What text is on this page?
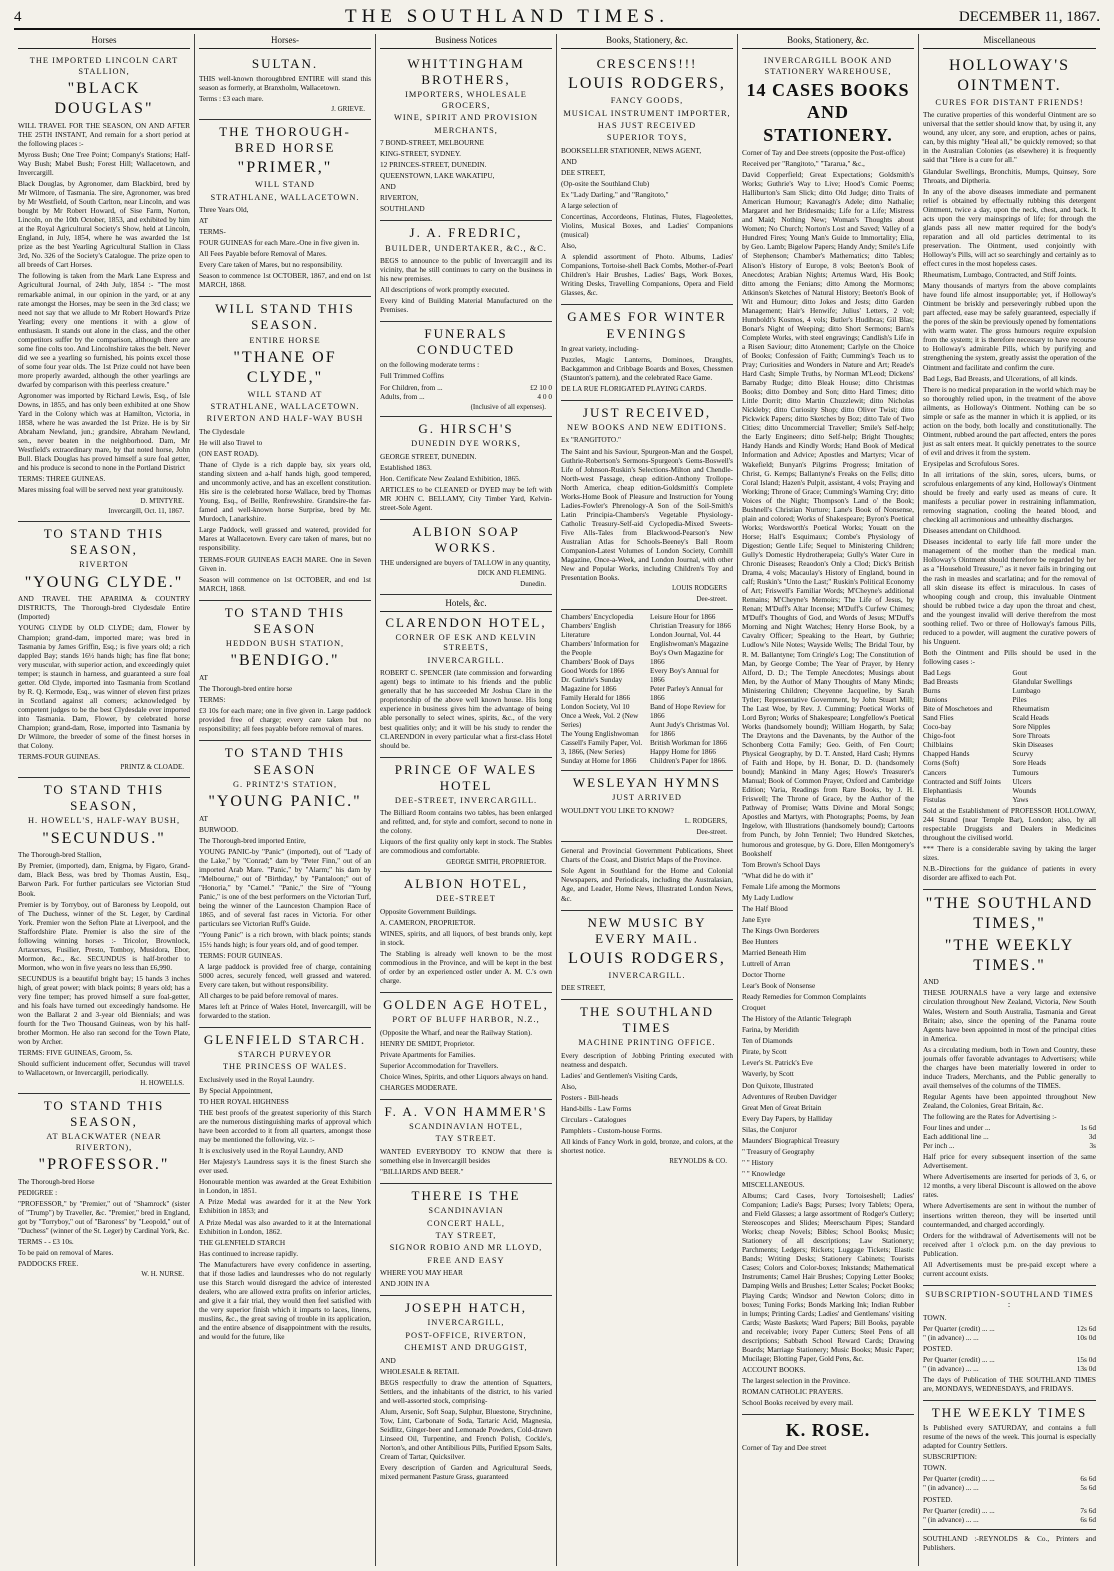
4	THE SOUTHLAND TIMES.	DECEMBER 11, 1867.
Horses
THE IMPORTED LINCOLN CART STALLION,
"BLACK DOUGLAS"

WILL TRAVEL FOR THE SEASON, ON AND AFTER THE 25TH INSTANT, And remain for a short period at the following places :-

Myross Bush; One Tree Point; Company's Stations; Half-Way Bush; Mabel Bush; Forest Hill; Wallacetown, and Invercargill.

Black Douglas, by Agronomer, dam Blackbird, bred by Mr Wilmore, of Tasmania. The sire, Agronomer, was bred by Mr Westfield, of South Carlton, near Lincoln, and was bought by Mr Robert Howard, of Sise Farm, Norton, Lincoln, on the 10th October, 1853, and exhibited by him at the Royal Agricultural Society's Show, held at Lincoln, England, in July, 1854, where he was awarded the 1st prize as the best Yearling Agricultural Stallion in Class 3rd, No. 326 of the Society's Catalogue. The prize open to all breeds of Cart Horses.

The following is taken from the Mark Lane Express and Agricultural Journal, of 24th July, 1854 :- "The most remarkable animal, in our opinion in the yard, or at any rate amongst the Horses, may be seen in the 3rd class; we need not say that we allude to Mr Robert Howard's Prize Yearling; every one mentions it with a glow of enthusiasm. It stands out alone in the class, and the other competitors suffer by the comparison, although there are some fine colts too. And Lincolnshire takes the belt. Never did we see a yearling so furnished, his points excel those of some four year olds. The 1st Prize could not have been more properly awarded, although the other yearlings are dwarfed by comparison with this peerless creature."

Agronomer was imported by Richard Lewis, Esq., of Isle Downs, in 1855, and has only been exhibited at one Show Yard in the Colony which was at Hamilton, Victoria, in 1858, where he was awarded the 1st Prize. He is by Sir Abraham Newland, jun.; grandsire, Abraham Newland, sen., never beaten in the neighborhood. Dam, Mr Westfield's extraordinary mare, by that noted horse, John Bull. Black Douglas has proved himself a sure foal getter, and his produce is second to none in the Portland District

TERMS: THREE GUINEAS.

Mares missing foal will be served next year gratuitously.

D. M'INTYRE.
Invercargill, Oct. 11, 1867.
TO STAND THIS SEASON,
RIVERTON
"YOUNG CLYDE."

AND TRAVEL THE APARIMA & COUNTRY DISTRICTS, The Thorough-bred Clydesdale Entire (Imported)

YOUNG CLYDE by OLD CLYDE; dam, Flower by Champion; grand-dam, imported mare; was bred in Tasmania by James Griffin, Esq.; is five years old; a rich dappled Bay; stands 16½ hands high; has fine flat bone; very muscular, with superior action, and exceedingly quiet temper; is staunch in harness, and guaranteed a sure foal getter. Old Clyde, imported into Tasmania from Scotland by R. Q. Kermode, Esq., was winner of eleven first prizes in Scotland against all comers; acknowledged by competent judges to be the best Clydesdale ever imported into Tasmania. Dam, Flower, by celebrated horse Champion; grand-dam, Rose, imported into Tasmania by Dr Wilmore, the breeder of some of the finest horses in that Colony.

TERMS-FOUR GUINEAS.

PRINTZ & CLOADE.
TO STAND THIS SEASON,
H. HOWELL'S, HALF-WAY BUSH,
"SECUNDUS."

The Thorough-bred Stallion,

By Premier, (imported), dam, Enigma, by Figaro, Grand-dam, Black Bess, was bred by Thomas Austin, Esq., Barwon Park. For further particulars see Victorian Stud Book.

Premier is by Torryboy, out of Baroness by Leopold, out of The Duchess, winner of the St. Leger, by Cardinal York. Premier won the Sefton Plate at Liverpool, and the Staffordshire Plate. Premier is also the sire of the following winning horses :- Tricolor, Brownlock, Artaxerxes, Fusilier, Presto, Tomboy, Musidora, Ebor, Mormon, &c., &c. SECUNDUS is half-brother to Mormon, who won in five years no less than £6,990.

SECUNDUS is a beautiful bright bay; 15 hands 3 inches high, of great power; with black points; 8 years old; has a very fine temper; has proved himself a sure foal-getter, and his foals have turned out exceedingly handsome. He won the Ballarat 2 and 3-year old Biennials; and was fourth for the Two Thousand Guineas, won by his half-brother Mormon. He also ran second for the Town Plate, won by Archer.

TERMS: FIVE GUINEAS, Groom, 5s.

Should sufficient inducement offer, Secundus will travel to Wallacetown, or Invercargill, periodically.

H. HOWELLS.
TO STAND THIS SEASON,
AT BLACKWATER (NEAR RIVERTON),
"PROFESSOR."

The Thorough-bred Horse

PEDIGREE :

"PROFESSOR," by "Premier," out of "Shamrock" (sister of "Trump") by Traveller, &c. "Premier," bred in England, got by "Torryboy," out of "Baroness" by "Leopold," out of "Duchess" (winner of the St. Leger) by Cardinal York, &c.

TERMS - - £3 10s.

To be paid on removal of Mares.

PADDOCKS FREE.

W. H. NURSE.
Horses-
SULTAN.

THIS well-known thoroughbred ENTIRE will stand this season as formerly, at Branxholm, Wallacetown.

Terms : £3 each mare.

J. GRIEVE.
THE THOROUGH-BRED HORSE
"PRIMER,"
WILL STAND
STRATHLANE, WALLACETOWN.

Three Years Old,

AT

TERMS-

FOUR GUINEAS for each Mare.-One in five given in.

All Fees Payable before Removal of Mares.

Every Care taken of Mares, but no responsibility.

Season to commence 1st OCTOBER, 1867, and end on 1st MARCH, 1868.

WILL STAND THIS SEASON.
ENTIRE HORSE
"THANE OF CLYDE,"
WILL STAND AT
STRATHLANE, WALLACETOWN.
RIVERTON AND HALF-WAY BUSH

The Clydesdale

He will also Travel to

(ON EAST ROAD).

Thane of Clyde is a rich dapple bay, six years old, standing sixteen and a-half hands high, good tempered, and uncommonly active, and has an excellent constitution. His sire is the celebrated horse Wallace, bred by Thomas Young, Esq., of Beille, Renfrewshire. Grandsire-the far-famed and well-known horse Surprise, bred by Mr. Murdoch, Lanarkshire.

Large Paddock, well grassed and watered, provided for Mares at Wallacetown. Every care taken of mares, but no responsibility.

TERMS-FOUR GUINEAS EACH MARE. One in Seven Given in.

Season will commence on 1st OCTOBER, and end 1st MARCH, 1868.

TO STAND THIS SEASON
HEDDON BUSH STATION,
"BENDIGO."

AT

The Thorough-bred entire horse

TERMS:

£3 10s for each mare; one in five given in. Large paddock provided free of charge; every care taken but no responsibility; all fees payable before removal of mares.

TO STAND THIS SEASON
G. PRINTZ'S STATION,
"YOUNG PANIC."

AT

BURWOOD.

The Thorough-bred imported Entire,

YOUNG PANIC-by "Panic" (imported), out of "Lady of the Lake," by "Conrad;" dam by "Peter Finn," out of an imported Arab Mare. "Panic," by "Alarm;" his dam by "Melbourne," out of "Birthday," by "Pantaloon;" out of "Honoria," by "Camel." "Panic," the Sire of "Young Panic," is one of the best performers on the Victorian Turf, being the winner of the Launceston Champion Race of 1865, and of several fast races in Victoria. For other particulars see Victorian Ruff's Guide.

"Young Panic" is a rich brown, with black points; stands 15½ hands high; is four years old, and of good temper.

TERMS: FOUR GUINEAS.

A large paddock is provided free of charge, containing 5000 acres, securely fenced, well grassed and watered. Every care taken, but without responsibility.

All charges to be paid before removal of mares.

Mares left at Prince of Wales Hotel, Invercargill, will be forwarded to the station.

GLENFIELD STARCH.
STARCH PURVEYOR
THE PRINCESS OF WALES.

Exclusively used in the Royal Laundry.

By Special Appointment,

TO HER ROYAL HIGHNESS

THE best proofs of the greatest superiority of this Starch are the numerous distinguishing marks of approval which have been accorded to it from all quarters, amongst those may be mentioned the following, viz. :-

It is exclusively used in the Royal Laundry, AND

Her Majesty's Laundress says it is the finest Starch she ever used.

Honourable mention was awarded at the Great Exhibition in London, in 1851.

A Prize Medal was awarded for it at the New York Exhibition in 1853; and

A Prize Medal was also awarded to it at the International Exhibition in London, 1862.

THE GLENFIELD STARCH

Has continued to increase rapidly.

The Manufacturers have every confidence in asserting, that if those ladies and laundresses who do not regularly use this Starch would disregard the advice of interested dealers, who are allowed extra profits on inferior articles, and give it a fair trial, they would then feel satisfied with the very superior finish which it imparts to laces, linens, muslins, &c., the great saving of trouble in its application, and the entire absence of disappointment with the results, and would for the future, like

Business Notices
WHITTINGHAM BROTHERS,
IMPORTERS, WHOLESALE GROCERS,
WINE, SPIRIT AND PROVISION
MERCHANTS,

7 BOND-STREET, MELBOURNE

KING-STREET, SYDNEY.

12 PRINCES-STREET, DUNEDIN.

QUEENSTOWN, LAKE WAKATIPU,

AND

RIVERTON,

SOUTHLAND

J. A. FREDRIC,
BUILDER, UNDERTAKER, &C., &C.

BEGS to announce to the public of Invercargill and its vicinity, that he still continues to carry on the business in his new premises.

All descriptions of work promptly executed.

Every kind of Building Material Manufactured on the Premises.

FUNERALS CONDUCTED

on the following moderate terms :

Full Trimmed Coffins

For Children, from ...	£2 10 0
Adults, from ...	4 0 0
(Inclusive of all expenses).
G. HIRSCH'S
DUNEDIN DYE WORKS,

GEORGE STREET, DUNEDIN.

Established 1863.

Hon. Certificate New Zealand Exhibition, 1865.

ARTICLES to be CLEANED or DYED may be left with MR JOHN C. BELLAMY, City Timber Yard, Kelvin-street-Sole Agent.

ALBION SOAP WORKS.

THE undersigned are buyers of TALLOW in any quantity,

DICK AND FLEMING.
Dunedin.
Hotels, &c.
CLARENDON HOTEL,
CORNER OF ESK AND KELVIN STREETS,
INVERCARGILL.

ROBERT C. SPENCER (late commission and forwarding agent) begs to intimate to his friends and the public generally that he has succeeded Mr Joshua Clare in the proprietorship of the above well known house. His long experience in business gives him the advantage of being able personally to select wines, spirits, &c., of the very best qualities only; and it will be his study to render the CLARENDON in every particular what a first-class Hotel should be.

PRINCE OF WALES HOTEL
DEE-STREET, INVERCARGILL.

The Billiard Room contains two tables, has been enlarged and refitted, and, for style and comfort, second to none in the colony.

Liquors of the first quality only kept in stock. The Stables are commodious and comfortable.

GEORGE SMITH, PROPRIETOR.
ALBION HOTEL,
DEE-STREET

Opposite Government Buildings.

A. CAMERON, PROPRIETOR.

WINES, spirits, and all liquors, of best brands only, kept in stock.

The Stabling is already well known to be the most commodious in the Province, and will be kept in the best of order by an experienced ostler under A. M. C.'s own charge.

GOLDEN AGE HOTEL,
PORT OF BLUFF HARBOR, N.Z.,

(Opposite the Wharf, and near the Railway Station).

HENRY DE SMIDT, Proprietor.

Private Apartments for Families.

Superior Accommodation for Travellers.

Choice Wines, Spirits, and other Liquors always on hand.

CHARGES MODERATE.

F. A. VON HAMMER'S
SCANDINAVIAN HOTEL,
TAY STREET.

WANTED EVERYBODY TO KNOW that there is something else in Invercargill besides

"BILLIARDS AND BEER."

THERE IS THE
SCANDINAVIAN
CONCERT HALL,
TAY STREET,
SIGNOR ROBIO AND MR LLOYD,
FREE AND EASY

WHERE YOU MAY HEAR

AND JOIN IN A

JOSEPH HATCH,
INVERCARGILL,
POST-OFFICE, RIVERTON,
CHEMIST AND DRUGGIST,

AND

WHOLESALE & RETAIL

BEGS respectfully to draw the attention of Squatters, Settlers, and the inhabitants of the district, to his varied and well-assorted stock, comprising-

Alum, Arsenic, Soft Soap, Sulphur, Bluestone, Strychnine, Tow, Lint, Carbonate of Soda, Tartaric Acid, Magnesia, Seidlitz, Ginger-beer and Lemonade Powders, Cold-drawn Linseed Oil, Turpentine, and French Polish, Cockle's, Norton's, and other Antibilious Pills, Purified Epsom Salts, Cream of Tartar, Quicksilver.

Every description of Garden and Agricultural Seeds, mixed permanent Pasture Grass, guaranteed

Books, Stationery, &c.
CRESCENS!!!
LOUIS RODGERS,
FANCY GOODS,
MUSICAL INSTRUMENT IMPORTER,
HAS JUST RECEIVED
SUPERIOR TOYS,

BOOKSELLER STATIONER, NEWS AGENT,

AND

DEE STREET,

(Op-osite the Southland Club)

Ex "Lady Darling," and "Rangitoto,"

A large selection of

Concertinas, Accordeons, Flutinas, Flutes, Flageolettes, Violins, Musical Boxes, and Ladies' Companions (musical)

Also,

A splendid assortment of Photo. Albums, Ladies' Companions, Tortoise-shell Back Combs, Mother-of-Pearl Children's Hair Brushes, Ladies' Bags, Work Boxes, Writing Desks, Travelling Companions, Opera and Field Glasses, &c.

GAMES FOR WINTER EVENINGS

In great variety, including-

Puzzles, Magic Lanterns, Dominoes, Draughts, Backgammon and Cribbage Boards and Boxes, Chessmen (Staunton's pattern), and the celebrated Race Game.

DE LA RUE FLORIGATED PLAYING CARDS.

JUST RECEIVED,
NEW BOOKS AND NEW EDITIONS.

Ex "RANGITOTO."

The Saint and his Saviour, Spurgeon-Man and the Gospel, Guthrie-Robertson's Sermons-Spurgeon's Gems-Boswell's Life of Johnson-Ruskin's Selections-Milton and Chendle-North-west Passage, cheap edition-Anthony Trollope-North America, cheap edition-Goldsmith's Complete Works-Home Book of Pleasure and Instruction for Young Ladies-Fowler's Phrenology-A Son of the Soil-Smith's Latin Principia-Chambers's Vegetable Physiology-Catholic Treasury-Self-aid Cyclopedia-Mixed Sweets-Five Alls-Tales from Blackwood-Pearson's New Australian Atlas for Schools-Beeney's Ball Room Companion-Latest Volumes of London Society, Cornhill Magazine, Once-a-Week, and London Journal, with other New and Popular Works, including Children's Toy and Presentation Books.

LOUIS RODGERS
Dee-street.
Chambers' Encyclopedia
Chambers' English Literature
Chambers' Information for the People
Chambers' Book of Days
Good Words for 1866
Dr. Guthrie's Sunday Magazine for 1866
Family Herald for 1866
London Society, Vol 10
Once a Week, Vol. 2 (New Series)
The Young Englishwoman
Cassell's Family Paper, Vol. 3, 1866, (New Series)
Sunday at Home for 1866
Leisure Hour for 1866
Christian Treasury for 1866
London Journal, Vol. 44
Englishwoman's Magazine
Boy's Own Magazine for 1866
Every Boy's Annual for 1866
Peter Parley's Annual for 1866
Band of Hope Review for 1866
Aunt Judy's Christmas Vol. for 1866
British Workman for 1866
Happy Home for 1866
Children's Paper for 1866.
WESLEYAN HYMNS
JUST ARRIVED

WOULDN'T YOU LIKE TO KNOW?

L. RODGERS,
Dee-street.

General and Provincial Government Publications, Sheet Charts of the Coast, and District Maps of the Province.

Sole Agent in Southland for the Home and Colonial Newspapers, and Periodicals, including the Australasian, Age, and Leader, Home News, Illustrated London News, &c.

NEW MUSIC BY EVERY MAIL.
LOUIS RODGERS,
INVERCARGILL.

DEE STREET,

THE SOUTHLAND TIMES
MACHINE PRINTING OFFICE.

Every description of Jobbing Printing executed with neatness and despatch.

Ladies' and Gentlemen's Visiting Cards,

Also,

Posters - Bill-heads

Hand-bills - Law Forms

Circulars - Catalogues

Pamphlets - Custom-house Forms.

All kinds of Fancy Work in gold, bronze, and colors, at the shortest notice.

REYNOLDS & CO.
Books, Stationery, &c.
INVERCARGILL BOOK AND STATIONERY WAREHOUSE,
14 CASES BOOKS AND STATIONERY.

Corner of Tay and Dee streets (opposite the Post-office)

Received per "Rangitoto," "Tararua," &c.,

David Copperfield; Great Expectations; Goldsmith's Works; Guthrie's Way to Live; Hood's Comic Poems; Halliburton's Sam Slick; ditto Old Judge; ditto Traits of American Humour; Kavanagh's Adele; ditto Nathalie; Margaret and her Bridesmaids; Life for a Life; Mistress and Maid; Nothing New; Woman's Thoughts about Women; No Church; Norton's Lost and Saved; Valley of a Hundred Fires; Young Man's Guide to Immortality; Elia, by Geo. Lamb; Bigelow Papers; Handy Andy; Smile's Life of Stephenson; Chamber's Mathematics; ditto Tables; Alison's History of Europe, 8 vols; Beeton's Book of Anecdotes; Arabian Nights; Artemus Ward, His Book; ditto among the Fenians; ditto Among the Mormons; Atkinson's Sketches of Natural History; Beeton's Book of Wit and Humour; ditto Jokes and Jests; ditto Garden Management; Hair's Henwife; Julius' Letters, 2 vol; Humboldt's Kosmos, 4 vols; Butler's Hudibras; Gil Blas; Bonar's Night of Weeping; ditto Short Sermons; Barn's Complete Works, with steel engravings; Candlish's Life in a Risen Saviour; ditto Atonement; Carlyle on the Choice of Books; Confession of Faith; Cumming's Teach us to Pray; Curiosities and Wonders in Nature and Art; Reade's Hard Cash; Simple Truths, by Norman M'Leod; Dickens' Barnaby Rudge; ditto Bleak House; ditto Christmas Books; ditto Dombey and Son; ditto Hard Times; ditto Little Dorrit; ditto Martin Chuzzlewit; ditto Nicholas Nickleby; ditto Curiosity Shop; ditto Oliver Twist; ditto Pickwick Papers; ditto Sketches by Boz; ditto Tale of Two Cities; ditto Uncommercial Traveller; Smile's Self-help; the Early Engineers; ditto Self-help; Bright Thoughts; Handy Hands and Kindly Words; Hand Book of Medical Information and Advice; Apostles and Martyrs; Vicar of Wakefield; Bunyan's Pilgrims Progress; Imitation of Christ, G. Kemps; Ballantyne's Freaks on the Fells; ditto Coral Island; Hazen's Pulpit, assistant, 4 vols; Praying and Working; Throne of Grace; Cumming's Warning Cry; ditto Voices of the Night; Thompson's Land o' the Book; Bushnell's Christian Nurture; Lane's Book of Nonsense, plain and colored; Works of Shakespeare; Byron's Poetical Works; Wordsworth's Poetical Works; Youatt on the Horse; Hall's Esquimaux; Combe's Physiology of Digestion; Gentle Life; Sequel to Ministering Children; Gully's Domestic Hydrotherapeia; Gully's Water Cure in Chronic Diseases; Reaodon's Only a Clod; Dick's British Drama, 4 vols; Macaulay's History of England, bound in calf; Ruskin's "Unto the Last;" Ruskin's Political Economy of Art; Friswell's Familiar Words; M'Cheyne's additional Remains; M'Cheyne's Memoirs; The Life of Jesus, by Renan; M'Duff's Altar Incense; M'Duff's Curfew Chimes; M'Duff's Thoughts of God, and Words of Jesus; M'Duff's Morning and Night Watches; Henry Horse Book, by a Cavalry Officer; Speaking to the Heart, by Guthrie; Ludlow's Nile Notes; Wayside Wells; The Bridal Tour, by R. M. Ballantyne; Tom Cringle's Log; The Constitution of Man, by George Combe; The Year of Prayer, by Henry Alford, D. D.; The Temple Anecdotes; Musings about Men, by the Author of Many Thoughts of Many Minds; Ministering Children; Cheyenne Jacqueline, by Sarah Tytler; Representative Government, by John Stuart Mill; The Last Woe, by Rev. J. Cumming; Poetical Works of Lord Byron; Works of Shakespeare; Longfellow's Poetical Works (handsomely bound); William Hogarth, by Sala; The Draytons and the Davenants, by the Author of the Schonberg Cotta Family; Geo. Geith, of Fen Court; Physical Geography, by D. T. Ansted, Hard Cash; Hymns of Faith and Hope, by H. Bonar, D. D. (handsomely bound); Mankind in Many Ages; Howe's Treasurer's Manual; Book of Common Prayer, Oxford and Cambridge Edition; Varia, Readings from Rare Books, by J. H. Friswell; The Throne of Grace, by the Author of the Pathway of Promise; Watts Divine and Moral Songs; Apostles and Martyrs, with Photographs; Poems, by Jean Ingelow, with Illustrations (handsomely bound); Cartoons from Punch, by John Tenniel; Two Hundred Sketches, humorous and grotesque, by G. Dore, Ellen Montgomery's Bookshelf

Tom Brown's School Days

"What did he do with it"

Female Life among the Mormons

My Lady Ludlow

The Half Blood

Jane Eyre

The Kings Own Borderers

Bee Hunters

Married Beneath Him

Luttrell of Arran

Doctor Thorne

Lear's Book of Nonsense

Ready Remedies for Common Complaints

Croquet

The History of the Atlantic Telegraph

Farina, by Meridith

Ten of Diamonds

Pirate, by Scott

Lever's St. Patrick's Eve

Waverly, by Scott

Don Quixote, Illustrated

Adventures of Reuben Davidger

Great Men of Great Britain

Every Day Papers, by Halliday

Silas, the Conjuror

Maunders' Biographical Treasury

" Treasury of Geography

" " History

" " Knowledge

MISCELLANEOUS.

Albums; Card Cases, Ivory Tortoiseshell; Ladies' Companion; Ladie's Bags; Purses; Ivory Tablets; Opera, and Field Glasses; a large assortment of Rodger's Cutlery; Stereoscopes and Slides; Meerschaum Pipes; Standard Works; cheap Novels; Bibles; School Books; Music; Stationery of all descriptions; Law Stationery; Parchments; Ledgers; Rickets; Luggage Tickets; Elastic Bands; Writing Desks; Stationery Cabinets; Tourists Cases; Colors and Color-boxes; Inkstands; Mathematical Instruments; Camel Hair Brushes; Copying Letter Books; Damping Wells and Brushes; Letter Scales; Pocket Books; Playing Cards; Windsor and Newton Colors; ditto in boxes; Tuning Forks; Bonds Marking Ink; Indian Rubber in lumps; Printing Cards; Ladies' and Gentlemans' visiting Cards; Waste Baskets; Ward Papers; Bill Books, payable and receivable; ivory Paper Cutters; Steel Pens of all descriptions; Sabbath School Reward Cards; Drawing Boards; Marriage Stationery; Music Books; Music Paper; Mucilage; Blotting Paper, Gold Pens, &c.

ACCOUNT BOOKS.

The largest selection in the Province.

ROMAN CATHOLIC PRAYERS.

School Books received by every mail.

K. ROSE.

Corner of Tay and Dee street

Miscellaneous
HOLLOWAY'S OINTMENT.
CURES FOR DISTANT FRIENDS!

The curative properties of this wonderful Ointment are so universal that the settler should know that, by using it, any wound, any ulcer, any sore, and eruption, aches or pains, can, by this mighty "Heal all," be quickly removed; so that in the Australian Colonies (as elsewhere) it is frequently said that "Here is a cure for all."

Glandular Swellings, Bronchitis, Mumps, Quinsey, Sore Throats, and Diptheria.

In any of the above diseases immediate and permanent relief is obtained by effectually rubbing this detergent Ointment, twice a day, upon the neck, chest, and back. It acts upon the very mainsprings of life; for through the glands pass all new matter required for the body's reparation and all old particles detrimental to its preservation. The Ointment, used conjointly with Holloway's Pills, will act so searchingly and certainly as to effect cures in the most hopeless cases.

Rheumatism, Lumbago, Contracted, and Stiff Joints.

Many thousands of martyrs from the above complaints have found life almost insupportable; yet, if Holloway's Ointment be briskly and perseveringly rubbed upon the part affected, ease may be safely guaranteed, especially if the pores of the skin be previously opened by fomentations with warm water. The gross humours require expulsion from the system; it is therefore necessary to have recourse to Holloway's admirable Pills, which by purifying and strengthening the system, greatly assist the operation of the Ointment and facilitate and confirm the cure.

Bad Legs, Bad Breasts, and Ulcerations, of all kinds.

There is no medical preparation in the world which may be so thoroughly relied upon, in the treatment of the above ailments, as Holloway's Ointment. Nothing can be so simple or safe as the manner in which it is applied, or its action on the body, both locally and constitutionally. The Ointment, rubbed around the part affected, enters the pores just as salt enters meat. It quickly penetrates to the source of evil and drives it from the system.

Erysipelas and Scrofulous Sores.

In all irritations of the skin, sores, ulcers, burns, or scrofulous enlargements of any kind, Holloway's Ointment should be freely and early used as means of cure. It manifests a peculiar power in restraining inflammation, removing stagnation, cooling the heated blood, and checking all acrimonious and unhealthy discharges.

Diseases attendant on Childhood.

Diseases incidental to early life fall more under the management of the mother than the medical man. Holloway's Ointment should therefore be regarded by her as a "Household Treasure," as it never fails in bringing out the rash in measles and scarlatina; and for the removal of all skin disease its effect is miraculous. In cases of whooping cough and croup, this invaluable Ointment should be rubbed twice a day upon the throat and chest, and the youngest invalid will derive therefrom the most soothing relief. Two or three of Holloway's famous Pills, reduced to a powder, will augment the curative powers of his Unguent.

Both the Ointment and Pills should be used in the following cases :-

Bad Legs
Bad Breasts
Burns
Bunions
Bite of Moschetoes and Sand Flies
Coco-bay
Chigo-foot
Chilblains
Chapped Hands
Corns (Soft)
Cancers
Contracted and Stiff Joints
Elephantiasis
Fistulas
Gout
Glandular Swellings
Lumbago
Piles
Rheumatism
Scald Heads
Sore Nipples
Sore Throats
Skin Diseases
Scurvy
Sore Heads
Tumours
Ulcers
Wounds
Yaws

Sold at the Establishment of PROFESSOR HOLLOWAY, 244 Strand (near Temple Bar), London; also, by all respectable Druggists and Dealers in Medicines throughout the civilised world.

*** There is a considerable saving by taking the larger sizes.

N.B.-Directions for the guidance of patients in every disorder are affixed to each Pot.

"THE SOUTHLAND TIMES,"
"THE WEEKLY TIMES."

AND

THESE JOURNALS have a very large and extensive circulation throughout New Zealand, Victoria, New South Wales, Western and South Australia, Tasmania and Great Britain; also, since the opening of the Panama route Agents have been appointed in most of the principal cities in America.

As a circulating medium, both in Town and Country, these journals offer favorable advantages to Advertisers; while the charges have been materially lowered in order to induce Traders, Merchants, and the Public generally to avail themselves of the columns of the TIMES.

Regular Agents have been appointed throughout New Zealand, the Colonies, Great Britain, &c.

The following are the Rates for Advertising :-

Four lines and under ...	1s 6d
Each additional line ...	3d
Per inch ...	3s

Half price for every subsequent insertion of the same Advertisement.

Where Advertisements are inserted for periods of 3, 6, or 12 months, a very liberal Discount is allowed on the above rates.

Where Advertisements are sent in without the number of insertions written thereon, they will be inserted until countermanded, and charged accordingly.

Orders for the withdrawal of Advertisements will not be received after 1 o'clock p.m. on the day previous to Publication.

All Advertisements must be pre-paid except where a current account exists.

SUBSCRIPTION-SOUTHLAND TIMES :

TOWN.

Per Quarter (credit) ... ...	12s 6d
" (in advance) ... ...	10s 0d

POSTED.

Per Quarter (credit) ... ...	15s 0d
" (in advance) ... ...	13s 0d

The days of Publication of THE SOUTHLAND TIMES are, MONDAYS, WEDNESDAYS, and FRIDAYS.

THE WEEKLY TIMES

Is Published every SATURDAY, and contains a full resume of the news of the week. This journal is especially adapted for Country Settlers.

SUBSCRIPTION:

TOWN.

Per Quarter (credit) ... ...	6s 6d
" (in advance) ... ...	5s 6d

POSTED.

Per Quarter (credit) ... ...	7s 6d
" (in advance) ... ...	6s 6d

SOUTHLAND :-REYNOLDS & Co., Printers and Publishers.
